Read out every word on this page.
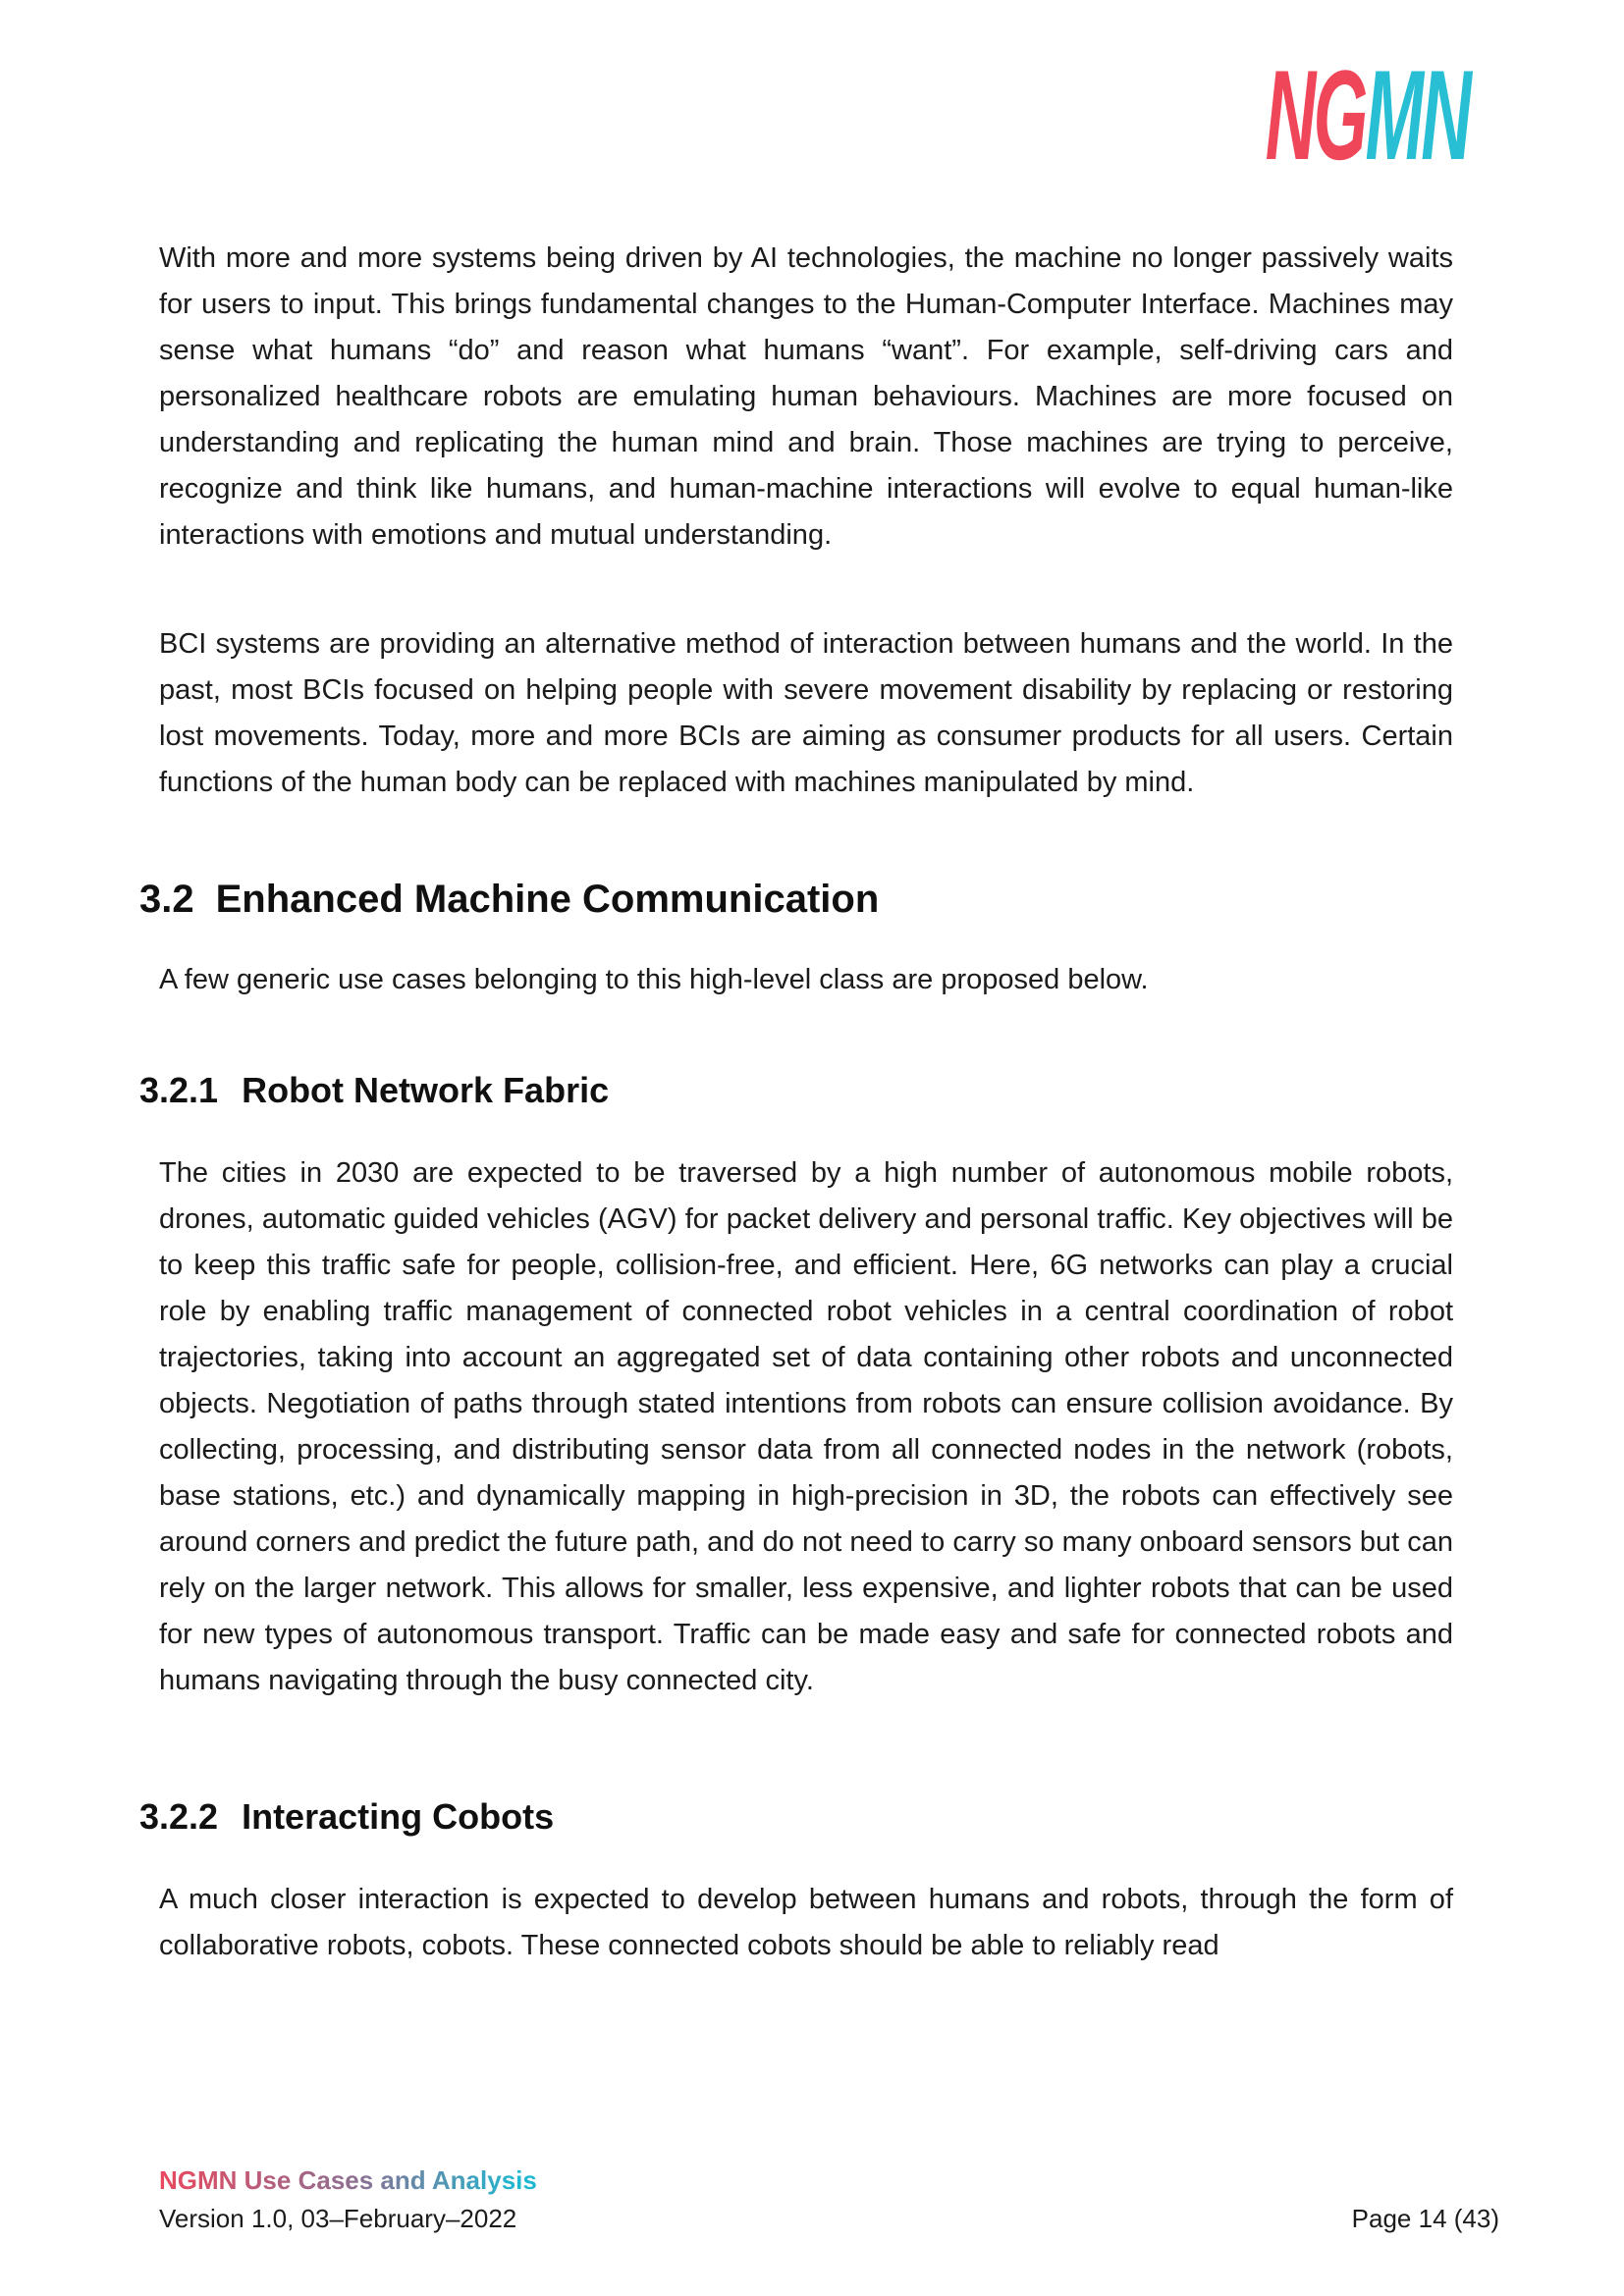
NGMN

With more and more systems being driven by AI technologies, the machine no longer passively waits for users to input. This brings fundamental changes to the Human-Computer Interface. Machines may sense what humans “do” and reason what humans “want”. For example, self-driving cars and personalized healthcare robots are emulating human behaviours. Machines are more focused on understanding and replicating the human mind and brain. Those machines are trying to perceive, recognize and think like humans, and human-machine interactions will evolve to equal human-like interactions with emotions and mutual understanding.

BCI systems are providing an alternative method of interaction between humans and the world. In the past, most BCIs focused on helping people with severe movement disability by replacing or restoring lost movements. Today, more and more BCIs are aiming as consumer products for all users. Certain functions of the human body can be replaced with machines manipulated by mind.

3.2 Enhanced Machine Communication

A few generic use cases belonging to this high-level class are proposed below.

3.2.1 Robot Network Fabric

The cities in 2030 are expected to be traversed by a high number of autonomous mobile robots, drones, automatic guided vehicles (AGV) for packet delivery and personal traffic. Key objectives will be to keep this traffic safe for people, collision-free, and efficient. Here, 6G networks can play a crucial role by enabling traffic management of connected robot vehicles in a central coordination of robot trajectories, taking into account an aggregated set of data containing other robots and unconnected objects. Negotiation of paths through stated intentions from robots can ensure collision avoidance. By collecting, processing, and distributing sensor data from all connected nodes in the network (robots, base stations, etc.) and dynamically mapping in high-precision in 3D, the robots can effectively see around corners and predict the future path, and do not need to carry so many onboard sensors but can rely on the larger network. This allows for smaller, less expensive, and lighter robots that can be used for new types of autonomous transport. Traffic can be made easy and safe for connected robots and humans navigating through the busy connected city.

3.2.2 Interacting Cobots

A much closer interaction is expected to develop between humans and robots, through the form of collaborative robots, cobots. These connected cobots should be able to reliably read

NGMN Use Cases and Analysis
Version 1.0, 03–February–2022	Page 14 (43)
